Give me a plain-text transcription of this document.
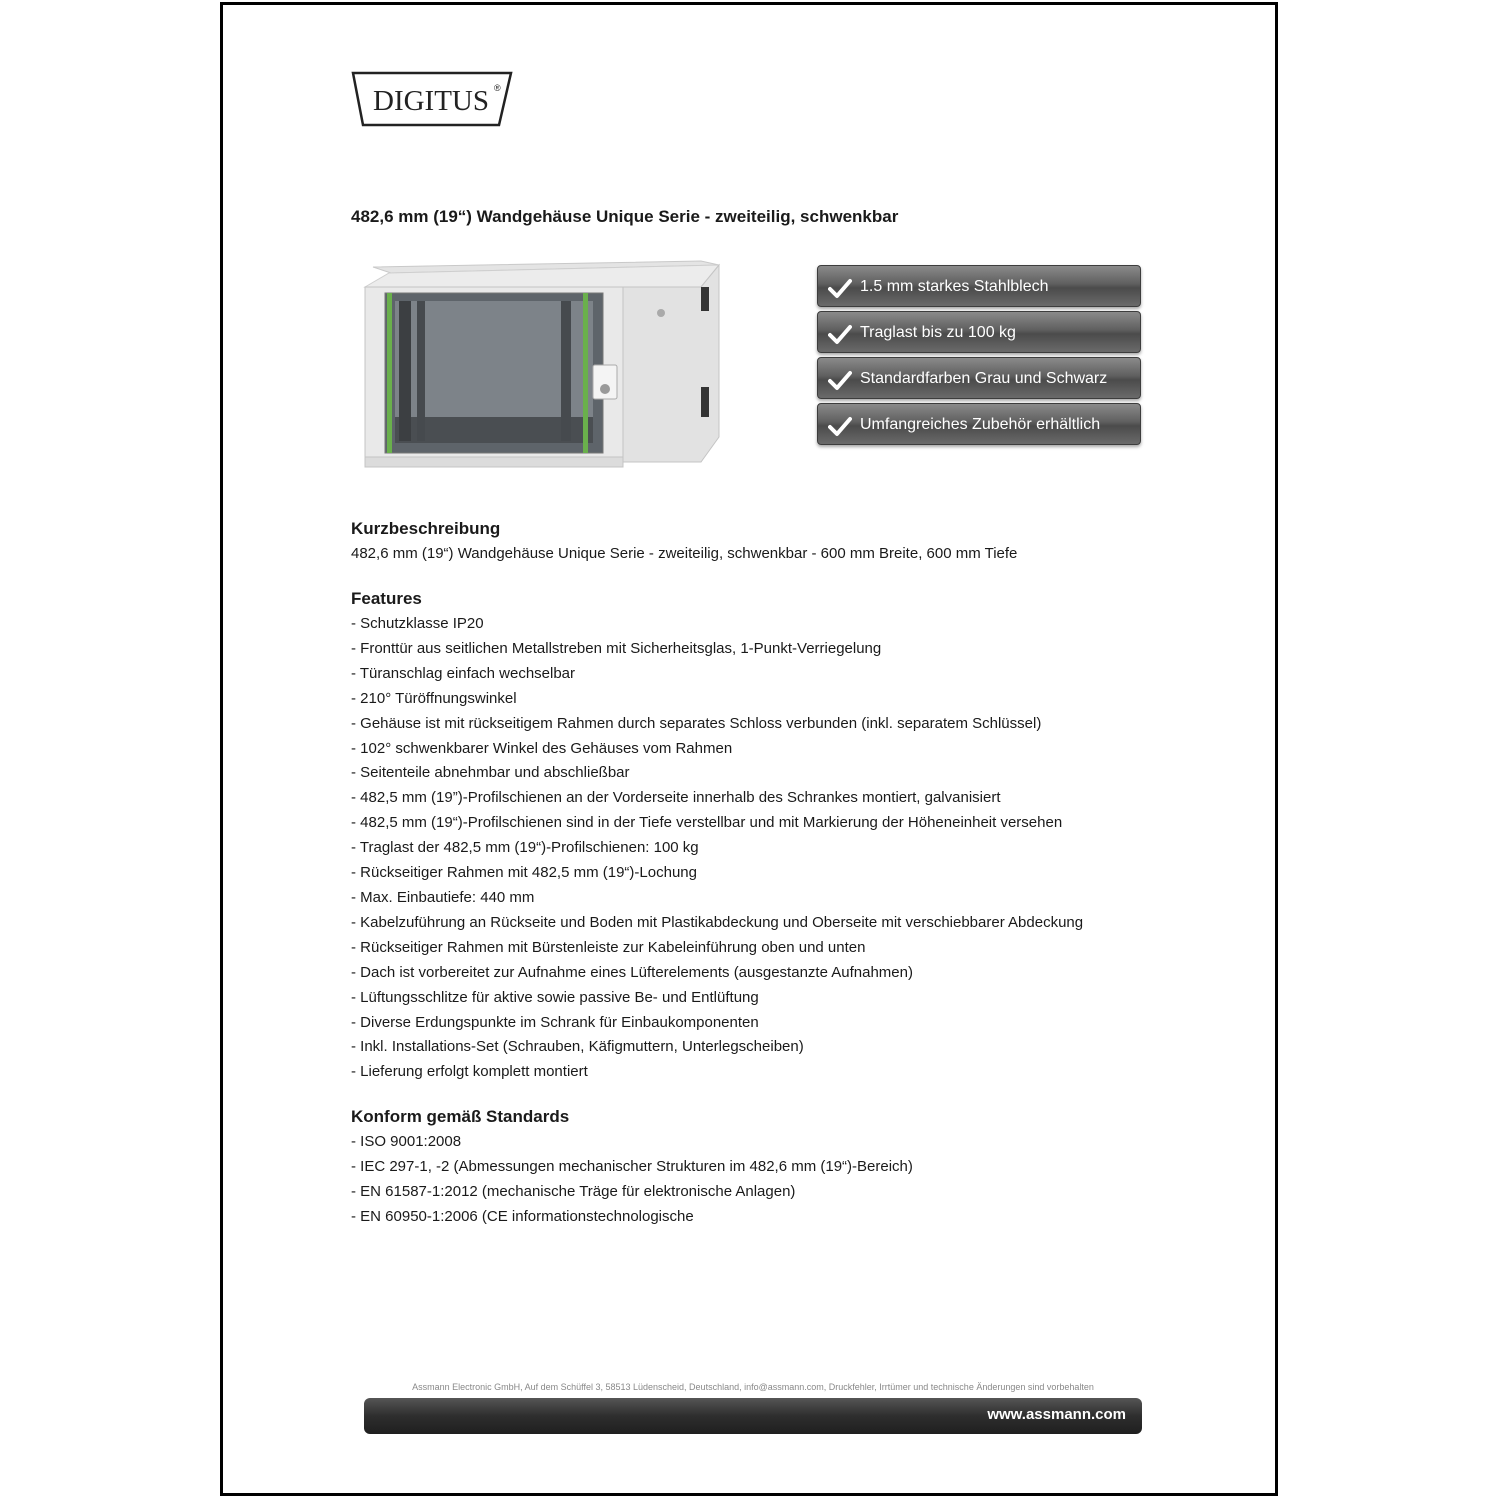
DIGITUS ®
482,6 mm (19“) Wandgehäuse Unique Serie - zweiteilig, schwenkbar
1.5 mm starkes Stahlblech
Traglast bis zu 100 kg
Standardfarben Grau und Schwarz
Umfangreiches Zubehör erhältlich
Kurzbeschreibung
482,6 mm (19“) Wandgehäuse Unique Serie - zweiteilig, schwenkbar - 600 mm Breite, 600 mm Tiefe
Features
- Schutzklasse IP20
- Fronttür aus seitlichen Metallstreben mit Sicherheitsglas, 1-Punkt-Verriegelung
- Türanschlag einfach wechselbar
- 210° Türöffnungswinkel
- Gehäuse ist mit rückseitigem Rahmen durch separates Schloss verbunden (inkl. separatem Schlüssel)
- 102° schwenkbarer Winkel des Gehäuses vom Rahmen
- Seitenteile abnehmbar und abschließbar
- 482,5 mm (19”)-Profilschienen an der Vorderseite innerhalb des Schrankes montiert, galvanisiert
- 482,5 mm (19“)-Profilschienen sind in der Tiefe verstellbar und mit Markierung der Höheneinheit versehen
- Traglast der 482,5 mm (19“)-Profilschienen: 100 kg
- Rückseitiger Rahmen mit 482,5 mm (19“)-Lochung
- Max. Einbautiefe: 440 mm
- Kabelzuführung an Rückseite und Boden mit Plastikabdeckung und Oberseite mit verschiebbarer Abdeckung
- Rückseitiger Rahmen mit Bürstenleiste zur Kabeleinführung oben und unten
- Dach ist vorbereitet zur Aufnahme eines Lüfterelements (ausgestanzte Aufnahmen)
- Lüftungsschlitze für aktive sowie passive Be- und Entlüftung
- Diverse Erdungspunkte im Schrank für Einbaukomponenten
- Inkl. Installations-Set (Schrauben, Käfigmuttern, Unterlegscheiben)
- Lieferung erfolgt komplett montiert
Konform gemäß Standards
- ISO 9001:2008
- IEC 297-1, -2 (Abmessungen mechanischer Strukturen im 482,6 mm (19“)-Bereich)
- EN 61587-1:2012 (mechanische Träge für elektronische Anlagen)
- EN 60950-1:2006 (CE informationstechnologische
Assmann Electronic GmbH, Auf dem Schüffel 3, 58513 Lüdenscheid, Deutschland, info@assmann.com, Druckfehler, Irrtümer und technische Änderungen sind vorbehalten
www.assmann.com
